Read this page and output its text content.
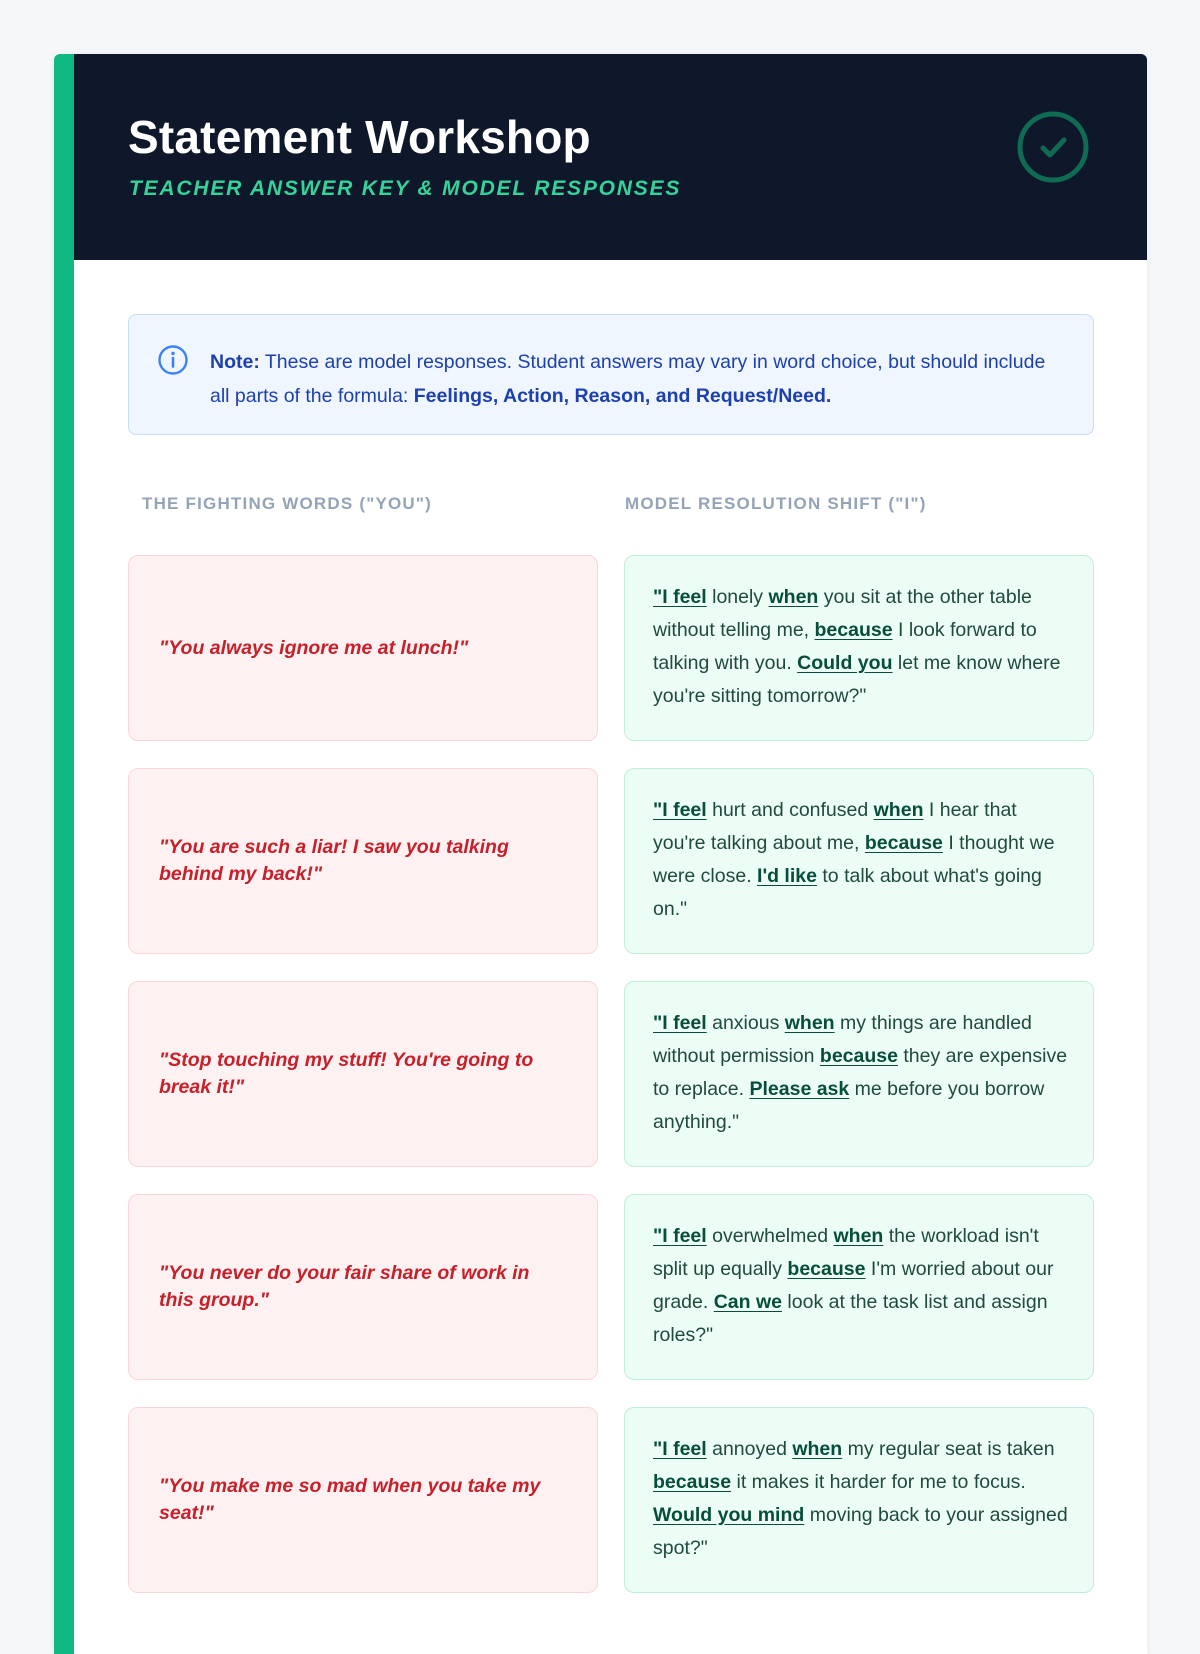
Statement Workshop
TEACHER ANSWER KEY & MODEL RESPONSES
Note: These are model responses. Student answers may vary in word choice, but should include all parts of the formula: Feelings, Action, Reason, and Request/Need.
THE FIGHTING WORDS ("YOU")	MODEL RESOLUTION SHIFT ("I")
"You always ignore me at lunch!"
"I feel lonely when you sit at the other table without telling me, because I look forward to talking with you. Could you let me know where you're sitting tomorrow?"
"You are such a liar! I saw you talking behind my back!"
"I feel hurt and confused when I hear that you're talking about me, because I thought we were close. I'd like to talk about what's going on."
"Stop touching my stuff! You're going to break it!"
"I feel anxious when my things are handled without permission because they are expensive to replace. Please ask me before you borrow anything."
"You never do your fair share of work in this group."
"I feel overwhelmed when the workload isn't split up equally because I'm worried about our grade. Can we look at the task list and assign roles?"
"You make me so mad when you take my seat!"
"I feel annoyed when my regular seat is taken because it makes it harder for me to focus. Would you mind moving back to your assigned spot?"
